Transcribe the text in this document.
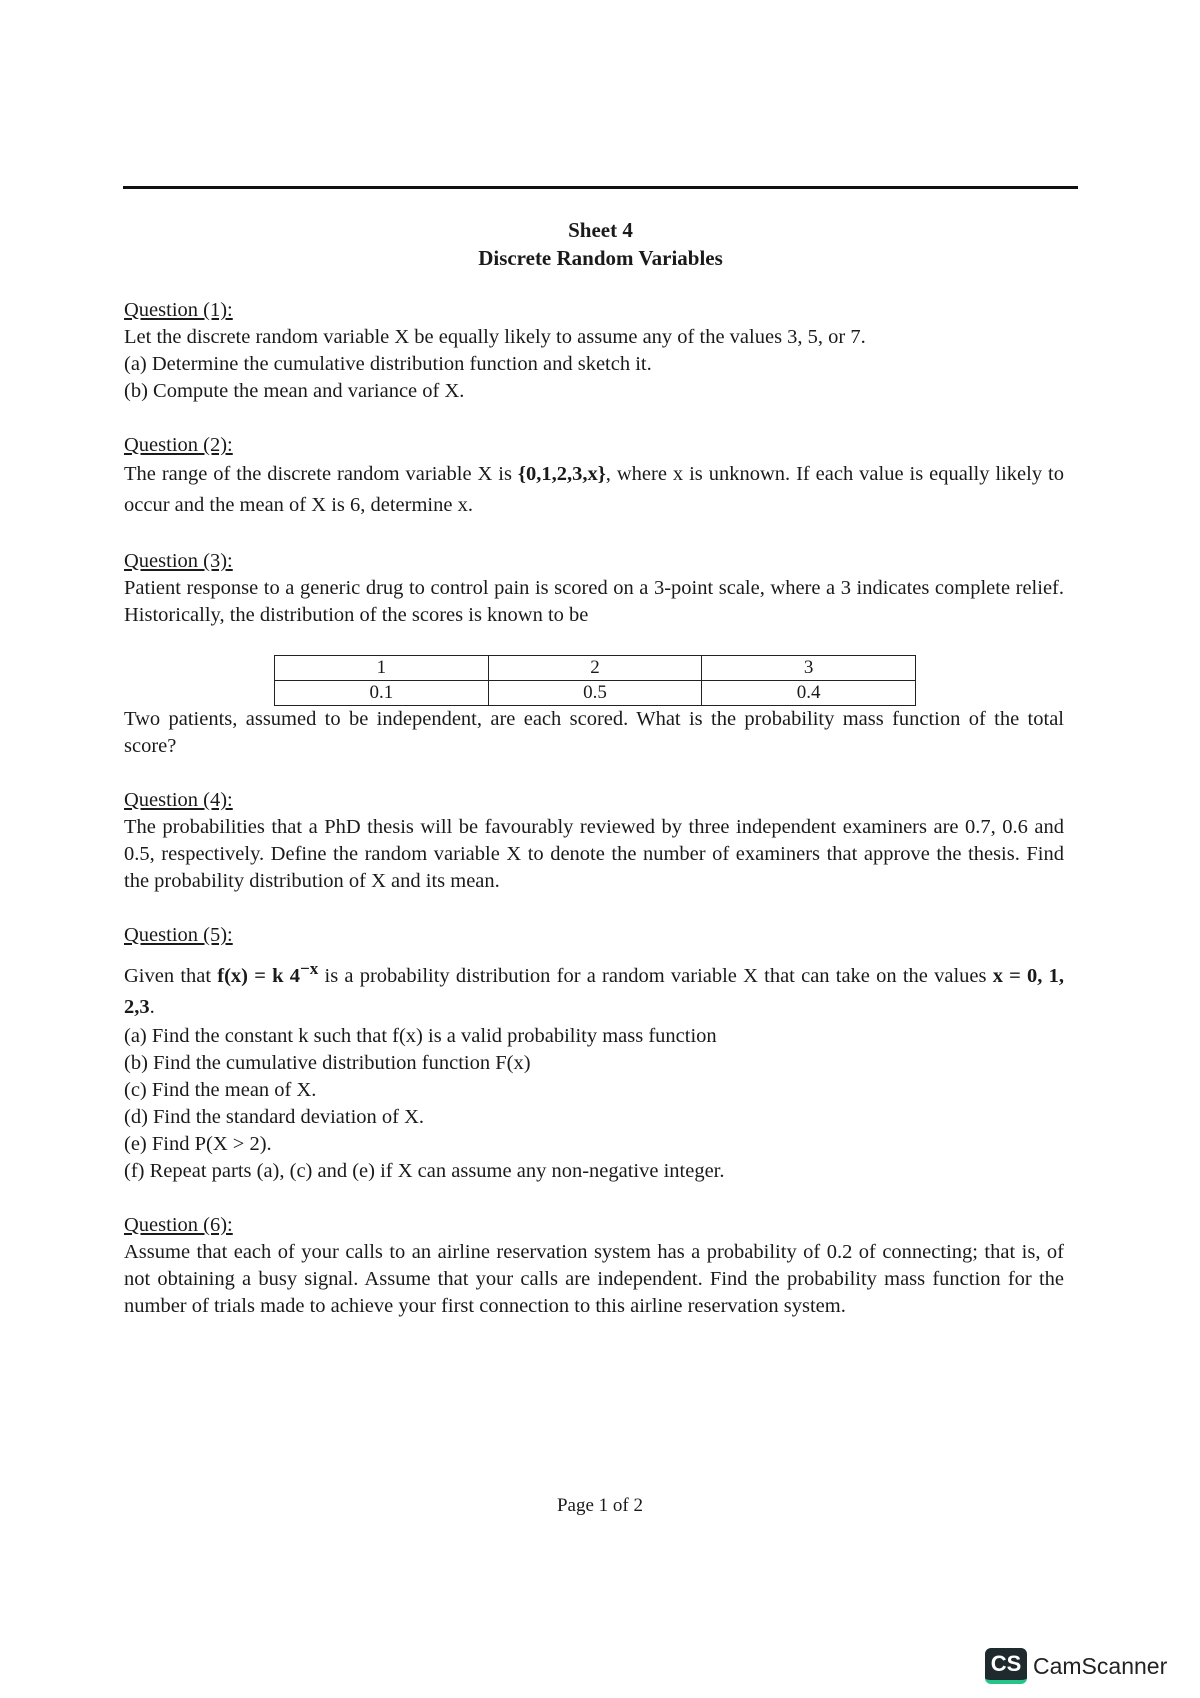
Sheet 4
Discrete Random Variables
Question (1):
Let the discrete random variable X be equally likely to assume any of the values 3, 5, or 7.
(a) Determine the cumulative distribution function and sketch it.
(b) Compute the mean and variance of X.
Question (2):
The range of the discrete random variable X is {0,1,2,3,x}, where x is unknown. If each value is equally likely to occur and the mean of X is 6, determine x.
Question (3):
Patient response to a generic drug to control pain is scored on a 3-point scale, where a 3 indicates complete relief. Historically, the distribution of the scores is known to be
1	2	3
0.1	0.5	0.4
Two patients, assumed to be independent, are each scored. What is the probability mass function of the total score?
Question (4):
The probabilities that a PhD thesis will be favourably reviewed by three independent examiners are 0.7, 0.6 and 0.5, respectively. Define the random variable X to denote the number of examiners that approve the thesis. Find the probability distribution of X and its mean.
Question (5):
Given that f(x) = k $4^{-x}$ is a probability distribution for a random variable X that can take on the values x = 0, 1, 2,3.
(a) Find the constant k such that f(x) is a valid probability mass function
(b) Find the cumulative distribution function F(x)
(c) Find the mean of X.
(d) Find the standard deviation of X.
(e) Find P(X > 2).
(f) Repeat parts (a), (c) and (e) if X can assume any non-negative integer.
Question (6):
Assume that each of your calls to an airline reservation system has a probability of 0.2 of connecting; that is, of not obtaining a busy signal. Assume that your calls are independent. Find the probability mass function for the number of trials made to achieve your first connection to this airline reservation system.
Page 1 of 2
CS CamScanner
